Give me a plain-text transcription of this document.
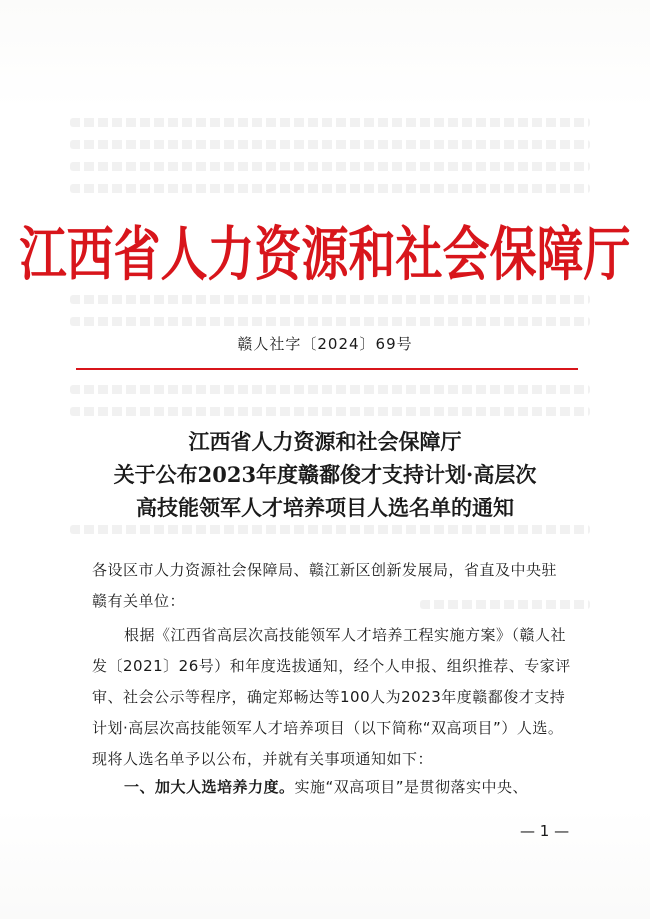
江西省人力资源和社会保障厅
赣人社字〔2024〕69号
江西省人力资源和社会保障厅
关于公布2023年度赣鄱俊才支持计划·高层次
高技能领军人才培养项目人选名单的通知
各设区市人力资源社会保障局、赣江新区创新发展局，省直及中央驻赣有关单位：
根据《江西省高层次高技能领军人才培养工程实施方案》（赣人社发〔2021〕26号）和年度选拔通知，经个人申报、组织推荐、专家评审、社会公示等程序，确定郑畅达等100人为2023年度赣鄱俊才支持计划·高层次高技能领军人才培养项目（以下简称“双高项目”）人选。现将人选名单予以公布，并就有关事项通知如下：
一、加大人选培养力度。实施“双高项目”是贯彻落实中央、
— 1 —
